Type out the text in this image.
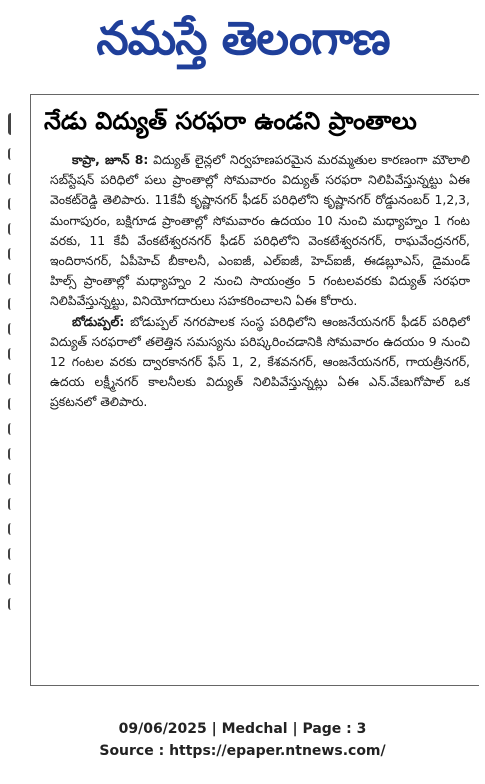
నమస్తే తెలంగాణ
నేడు విద్యుత్ సరఫరా ఉండని ప్రాంతాలు

కాప్రా, జూన్ 8: విద్యుత్ లైన్లలో నిర్వహణపరమైన మరమ్మతుల కారణంగా మౌలాలి సబ్‌స్టేషన్ పరిధిలో పలు ప్రాంతాల్లో సోమవారం విద్యుత్ సరఫరా నిలిపివేస్తున్నట్టు ఏఈ వెంకట్‌రెడ్డి తెలిపారు. 11కేవీ కృష్ణానగర్ ఫీడర్ పరిధిలోని కృష్ణానగర్ రోడ్డునంబర్ 1,2,3, మంగాపురం, బక్షిగూడ ప్రాంతాల్లో సోమవారం ఉదయం 10 నుంచి మధ్యాహ్నం 1 గంట వరకు, 11 కేవీ వేంకటేశ్వరనగర్ ఫీడర్ పరిధిలోని వెంకటేశ్వరనగర్, రాఘవేంద్రనగర్, ఇందిరానగర్, ఏపీహెచ్ బీకాలనీ, ఎంఐజీ, ఎల్ఐజీ, హెచ్ఐజీ, ఈడబ్లూఎస్, డైమండ్ హిల్స్ ప్రాంతాల్లో మధ్యాహ్నం 2 నుంచి సాయంత్రం 5 గంటలవరకు విద్యుత్ సరఫరా నిలిపివేస్తున్నట్టు, వినియోగదారులు సహకరించాలని ఏఈ కోరారు.

బోడుప్పల్: బోడుప్పల్ నగరపాలక సంస్థ పరిధిలోని ఆంజనేయనగర్ ఫీడర్ పరిధిలో విద్యుత్ సరఫరాలో తలెత్తిన సమస్యను పరిష్కరించడానికి సోమవారం ఉదయం 9 నుంచి 12 గంటల వరకు ద్వారకానగర్ ఫేస్ 1, 2, కేశవనగర్, ఆంజనేయనగర్, గాయత్రీనగర్, ఉదయ లక్ష్మీనగర్ కాలనీలకు విద్యుత్ నిలిపివేస్తున్నట్లు ఏఈ ఎన్.వేణుగోపాల్ ఒక ప్రకటనలో తెలిపారు.

09/06/2025 | Medchal | Page : 3
Source : https://epaper.ntnews.com/
